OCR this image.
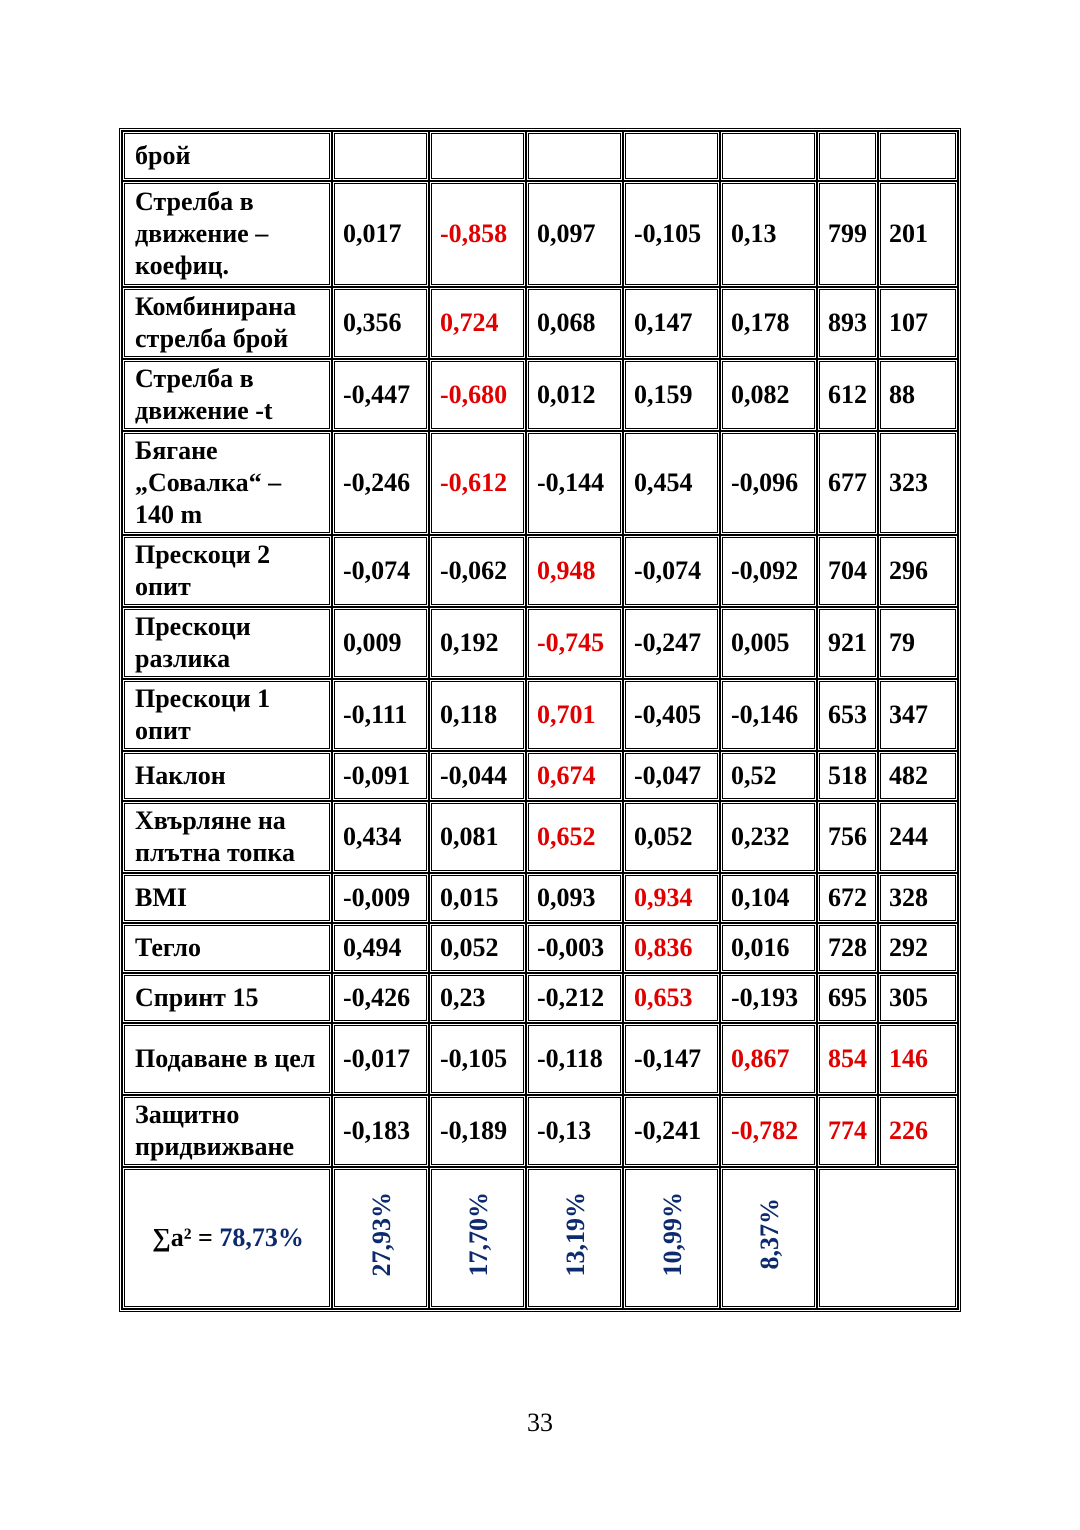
брой							
Стрелба в движение – коефиц.	0,017	-0,858	0,097	-0,105	0,13	799	201
Комбинирана стрелба брой	0,356	0,724	0,068	0,147	0,178	893	107
Стрелба в движение -t	-0,447	-0,680	0,012	0,159	0,082	612	88
Бягане „Совалка“ – 140 m	-0,246	-0,612	-0,144	0,454	-0,096	677	323
Прескоци 2 опит	-0,074	-0,062	0,948	-0,074	-0,092	704	296
Прескоци разлика	0,009	0,192	-0,745	-0,247	0,005	921	79
Прескоци 1 опит	-0,111	0,118	0,701	-0,405	-0,146	653	347
Наклон	-0,091	-0,044	0,674	-0,047	0,52	518	482
Хвърляне на плътна топка	0,434	0,081	0,652	0,052	0,232	756	244
BMI	-0,009	0,015	0,093	0,934	0,104	672	328
Тегло	0,494	0,052	-0,003	0,836	0,016	728	292
Спринт 15	-0,426	0,23	-0,212	0,653	-0,193	695	305
Подаване в цел	-0,017	-0,105	-0,118	-0,147	0,867	854	146
Защитно придвижване	-0,183	-0,189	-0,13	-0,241	-0,782	774	226
∑a² = 78,73%	27,93%	17,70%	13,19%	10,99%	8,37%		
33
